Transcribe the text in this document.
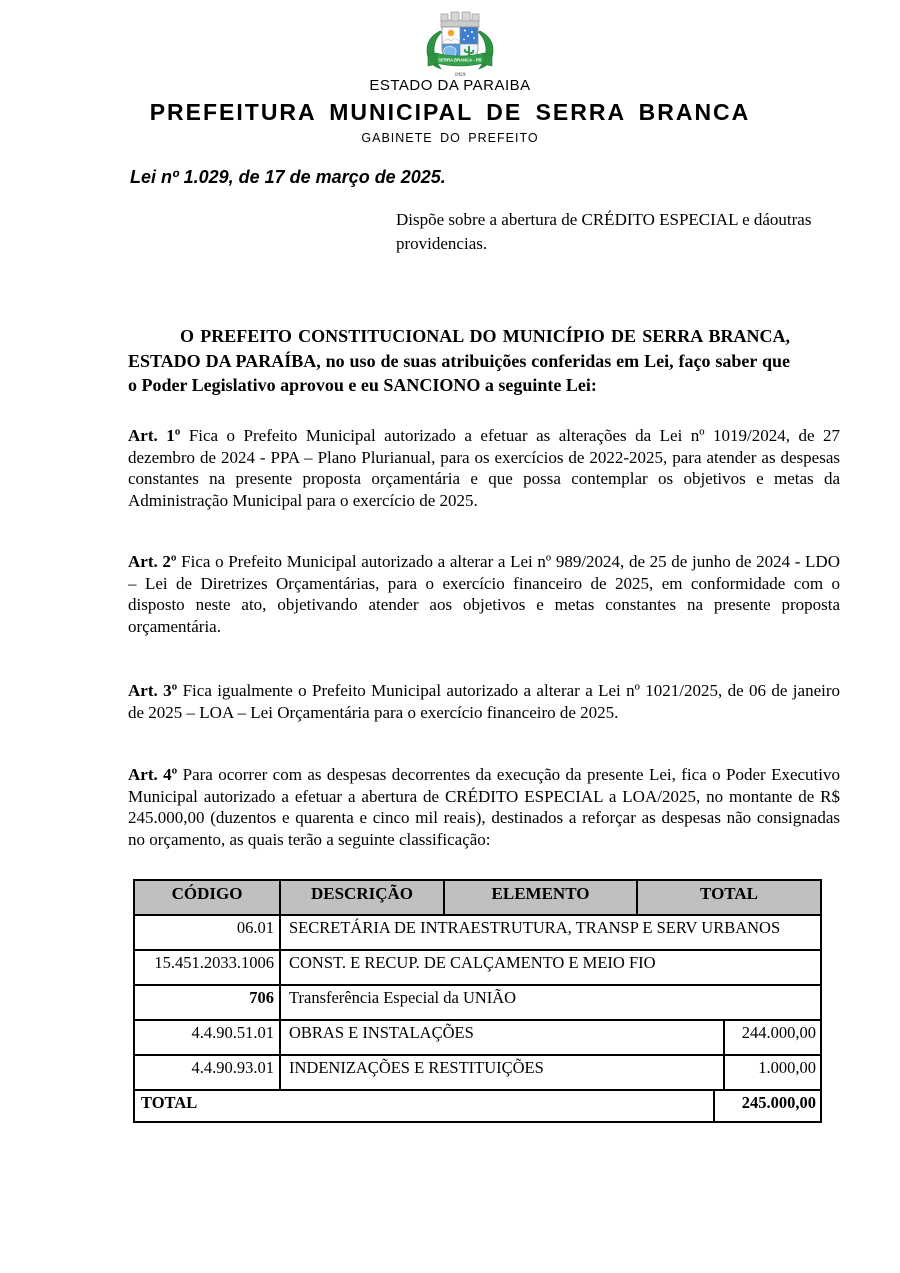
SERRA BRANCA - PB
1959
ESTADO DA PARAIBA
PREFEITURA MUNICIPAL DE SERRA BRANCA
GABINETE DO PREFEITO
Lei nº 1.029, de 17 de março de 2025.
Dispõe sobre a abertura de CRÉDITO ESPECIAL e dáoutras providencias.

O PREFEITO CONSTITUCIONAL DO MUNICÍPIO DE SERRA BRANCA, ESTADO DA PARAÍBA, no uso de suas atribuições conferidas em Lei, faço saber que o Poder Legislativo aprovou e eu SANCIONO a seguinte Lei:

Art. 1º Fica o Prefeito Municipal autorizado a efetuar as alterações da Lei nº 1019/2024, de 27 dezembro de 2024 - PPA – Plano Plurianual, para os exercícios de 2022-2025, para atender as despesas constantes na presente proposta orçamentária e que possa contemplar os objetivos e metas da Administração Municipal para o exercício de 2025.

Art. 2º Fica o Prefeito Municipal autorizado a alterar a Lei nº 989/2024, de 25 de junho de 2024 - LDO – Lei de Diretrizes Orçamentárias, para o exercício financeiro de 2025, em conformidade com o disposto neste ato, objetivando atender aos objetivos e metas constantes na presente proposta orçamentária.

Art. 3º Fica igualmente o Prefeito Municipal autorizado a alterar a Lei nº 1021/2025, de 06 de janeiro de 2025 – LOA – Lei Orçamentária para o exercício financeiro de 2025.

Art. 4º Para ocorrer com as despesas decorrentes da execução da presente Lei, fica o Poder Executivo Municipal autorizado a efetuar a abertura de CRÉDITO ESPECIAL a LOA/2025, no montante de R$ 245.000,00 (duzentos e quarenta e cinco mil reais), destinados a reforçar as despesas não consignadas no orçamento, as quais terão a seguinte classificação:

CÓDIGO	DESCRIÇÃO	ELEMENTO	TOTAL		
06.01	SECRETÁRIA DE INTRAESTRUTURA, TRANSP E SERV URBANOS				
15.451.2033.1006	CONST. E RECUP. DE CALÇAMENTO E MEIO FIO				
706	Transferência Especial da UNIÃO				
4.4.90.51.01	OBRAS E INSTALAÇÕES				244.000,00
4.4.90.93.01	INDENIZAÇÕES E RESTITUIÇÕES				1.000,00
TOTAL				245.000,00	
